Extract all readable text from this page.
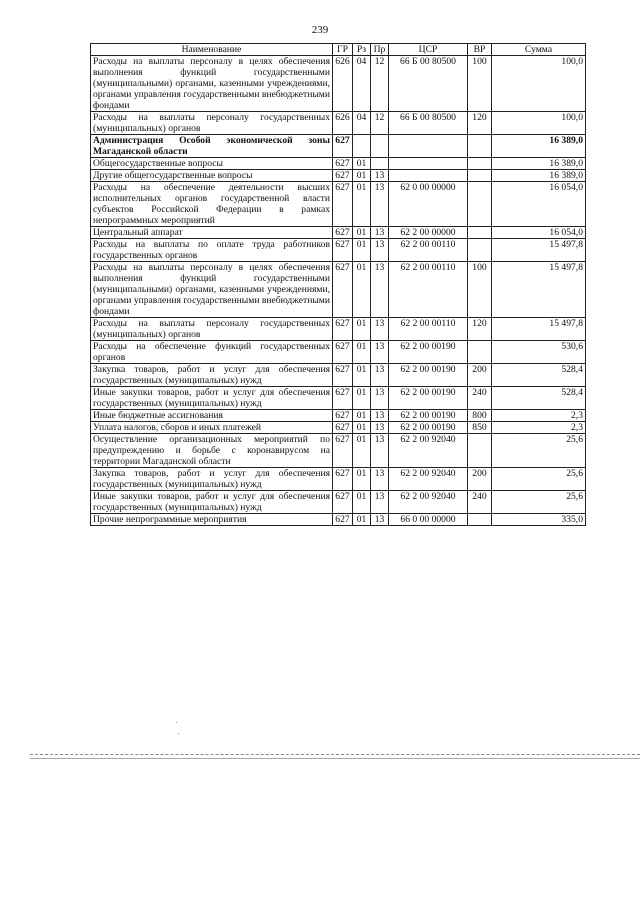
239
Наименование	ГР	Рз	Пр	ЦСР	ВР	Сумма
Расходы на выплаты персоналу в целях обеспечения выполнения функций государственными (муниципальными) органами, казенными учреждениями, органами управления государственными внебюджетными фондами	626	04	12	66 Б 00 80500	100	100,0
Расходы на выплаты персоналу государственных (муниципальных) органов	626	04	12	66 Б 00 80500	120	100,0
Администрация Особой экономической зоны Магаданской области	627					16 389,0
Общегосударственные вопросы	627	01				16 389,0
Другие общегосударственные вопросы	627	01	13			16 389,0
Расходы на обеспечение деятельности высших исполнительных органов государственной власти субъектов Российской Федерации в рамках непрограммных мероприятий	627	01	13	62 0 00 00000		16 054,0
Центральный аппарат	627	01	13	62 2 00 00000		16 054,0
Расходы на выплаты по оплате труда работников государственных органов	627	01	13	62 2 00 00110		15 497,8
Расходы на выплаты персоналу в целях обеспечения выполнения функций государственными (муниципальными) органами, казенными учреждениями, органами управления государственными внебюджетными фондами	627	01	13	62 2 00 00110	100	15 497,8
Расходы на выплаты персоналу государственных (муниципальных) органов	627	01	13	62 2 00 00110	120	15 497,8
Расходы на обеспечение функций государственных органов	627	01	13	62 2 00 00190		530,6
Закупка товаров, работ и услуг для обеспечения государственных (муниципальных) нужд	627	01	13	62 2 00 00190	200	528,4
Иные закупки товаров, работ и услуг для обеспечения государственных (муниципальных) нужд	627	01	13	62 2 00 00190	240	528,4
Иные бюджетные ассигнования	627	01	13	62 2 00 00190	800	2,3
Уплата налогов, сборов и иных платежей	627	01	13	62 2 00 00190	850	2,3
Осуществление организационных мероприятий по предупреждению и борьбе с коронавирусом на территории Магаданской области	627	01	13	62 2 00 92040		25,6
Закупка товаров, работ и услуг для обеспечения государственных (муниципальных) нужд	627	01	13	62 2 00 92040	200	25,6
Иные закупки товаров, работ и услуг для обеспечения государственных (муниципальных) нужд	627	01	13	62 2 00 92040	240	25,6
Прочие непрограммные мероприятия	627	01	13	66 0 00 00000		335,0
